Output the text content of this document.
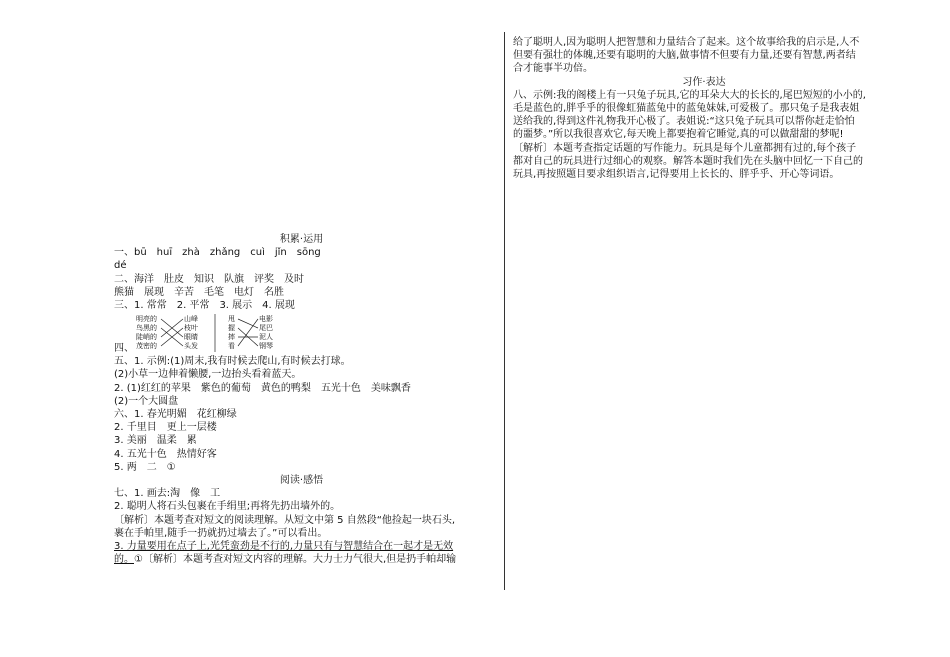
积累·运用

一、bū　huī　zhà　zhǎng　cuì　jǐn　sōng

dé

二、海洋　肚皮　知识　队旗　评奖　及时

熊猫　展现　辛苦　毛笔　电灯　名胜

三、1. 常常　2. 平常　3. 展示　4. 展现

四、
明亮的
鸟黑的
陡峭的
茂密的
山峰
枝叶
眼睛
头发
甩
握
摔
看
电影
尾巴
泥人
钢琴

五、1. 示例:(1)周末,我有时候去爬山,有时候去打球。

(2)小草一边伸着懒腰,一边抬头看着蓝天。

2. (1)红红的苹果　紫色的葡萄　黄色的鸭梨　五光十色　美味飘香

(2)一个大圆盘

六、1. 春光明媚　花红柳绿

2. 千里目　更上一层楼

3. 美丽　温柔　累

4. 五光十色　热情好客

5. 两　二　①

阅读·感悟

七、1. 画去:淘　像　工

2. 聪明人将石头包裹在手绢里;再将先扔出墙外的。

〔解析〕本题考查对短文的阅读理解。从短文中第 5 自然段“他捡起一块石头,

裹在手帕里,随手一扔就扔过墙去了。”可以看出。

3. 力量要用在点子上,光凭蛮劲是不行的,力量只有与智慧结合在一起才是无效

的。①〔解析〕本题考查对短文内容的理解。大力士力气很大,但是扔手帕却输

给了聪明人,因为聪明人把智慧和力量结合了起来。这个故事给我的启示是,人不

但要有强壮的体魄,还要有聪明的大脑,做事情不但要有力量,还要有智慧,两者结

合才能事半功倍。

习作·表达

八、示例:我的阁楼上有一只兔子玩具,它的耳朵大大的长长的,尾巴短短的小小的,

毛是蓝色的,胖乎乎的很像虹猫蓝兔中的蓝兔妹妹,可爱极了。那只兔子是我表姐

送给我的,得到这件礼物我开心极了。表姐说:“这只兔子玩具可以帮你赶走恰怕

的噩梦。”所以我很喜欢它,每天晚上都要抱着它睡觉,真的可以做甜甜的梦呢!

〔解析〕本题考查指定话题的写作能力。玩具是每个儿童都拥有过的,每个孩子

都对自己的玩具进行过细心的观察。解答本题时我们先在头脑中回忆一下自己的

玩具,再按照题目要求组织语言,记得要用上长长的、胖乎乎、开心等词语。
